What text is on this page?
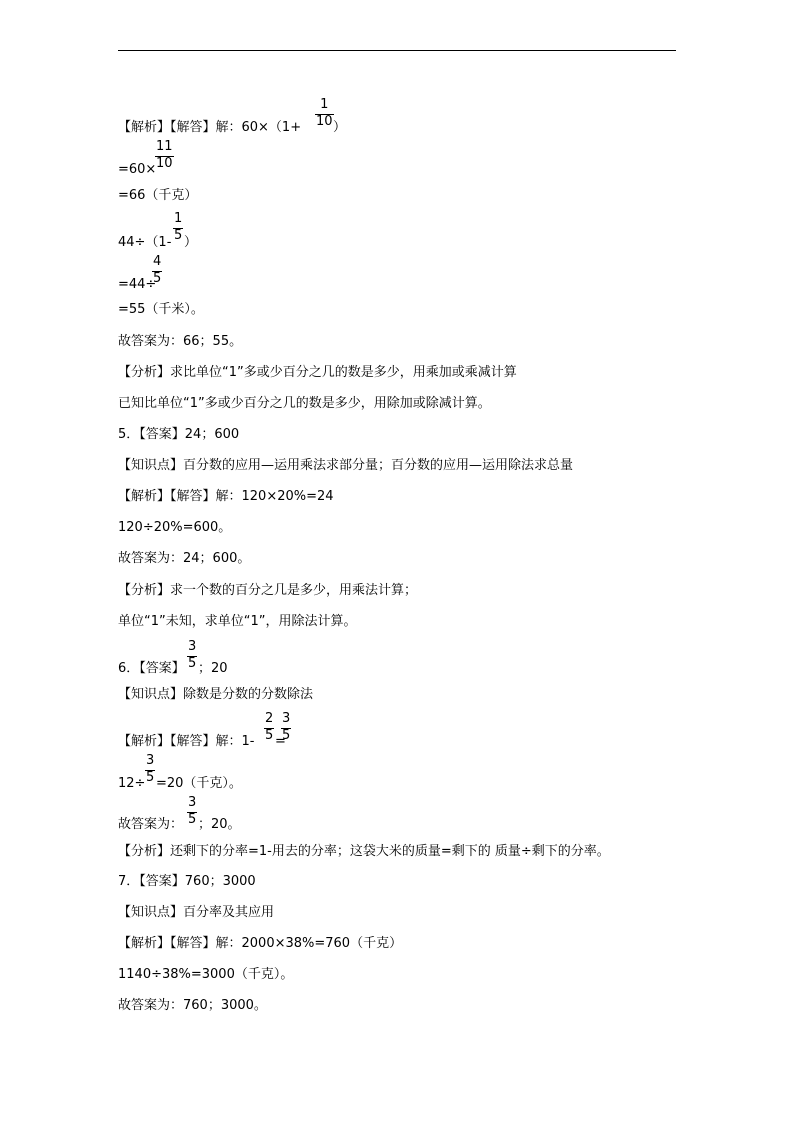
1
10
【解析】【解答】解：60×（1+ ）
11
10
=60×
=66（千克）
1
5
44÷（1- ）
4
5
=44÷
=55（千米）。
故答案为：66；55。
【分析】求比单位“1”多或少百分之几的数是多少，用乘加或乘减计算
已知比单位“1”多或少百分之几的数是多少，用除加或除减计算。
5．【答案】24；600
【知识点】百分数的应用—运用乘法求部分量；百分数的应用—运用除法求总量
【解析】【解答】解：120×20%=24
120÷20%=600。
故答案为：24；600。
【分析】求一个数的百分之几是多少，用乘法计算；
单位“1”未知，求单位“1”，用除法计算。
3
5
6．【答案】 ；20
【知识点】除数是分数的分数除法
2
5 =
3
5
【解析】【解答】解：1-
3
5
12÷ =20（千克）。
3
5
故答案为： ；20。
【分析】还剩下的分率=1-用去的分率；这袋大米的质量=剩下的 质量÷剩下的分率。
7．【答案】760；3000
【知识点】百分率及其应用
【解析】【解答】解：2000×38%=760（千克）
1140÷38%=3000（千克）。
故答案为：760；3000。
